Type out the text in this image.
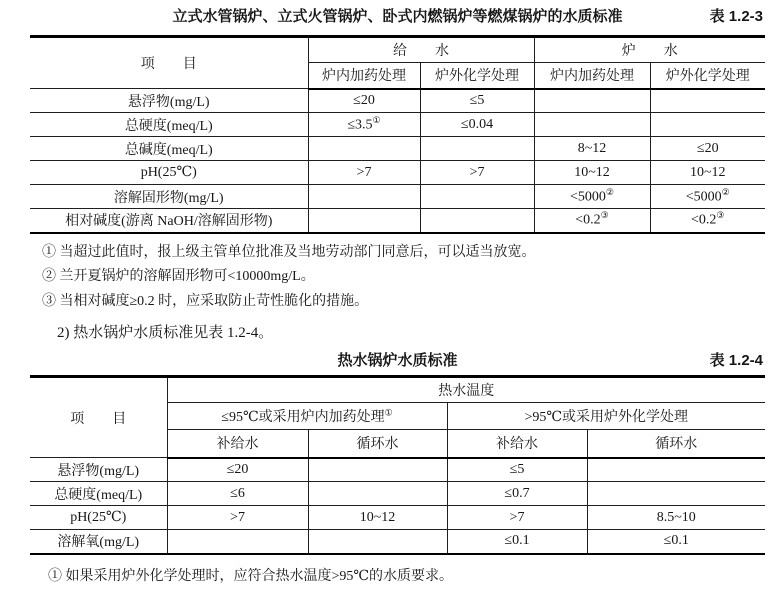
立式水管锅炉、立式火管锅炉、卧式内燃锅炉等燃煤锅炉的水质标准	表 1.2-3
项　　目	给　　水		炉　　水	
	炉内加药处理	炉外化学处理	炉内加药处理	炉外化学处理
悬浮物(mg/L)	≤20	≤5		
总硬度(meq/L)	≤3.5①	≤0.04		
总碱度(meq/L)			8~12	≤20
pH(25℃)	>7	>7	10~12	10~12
溶解固形物(mg/L)			<5000②	<5000②
相对碱度(游离 NaOH/溶解固形物)			<0.2③	<0.2③
① 当超过此值时，报上级主管单位批准及当地劳动部门同意后，可以适当放宽。
② 兰开夏锅炉的溶解固形物可<10000mg/L。
③ 当相对碱度≥0.2 时，应采取防止苛性脆化的措施。
2) 热水锅炉水质标准见表 1.2-4。
热水锅炉水质标准	表 1.2-4
项　　目	热水温度			
	≤95℃或采用炉内加药处理①		>95℃或采用炉外化学处理	
	补给水	循环水	补给水	循环水
悬浮物(mg/L)	≤20		≤5	
总硬度(meq/L)	≤6		≤0.7	
pH(25℃)	>7	10~12	>7	8.5~10
溶解氧(mg/L)			≤0.1	≤0.1
① 如果采用炉外化学处理时，应符合热水温度>95℃的水质要求。
